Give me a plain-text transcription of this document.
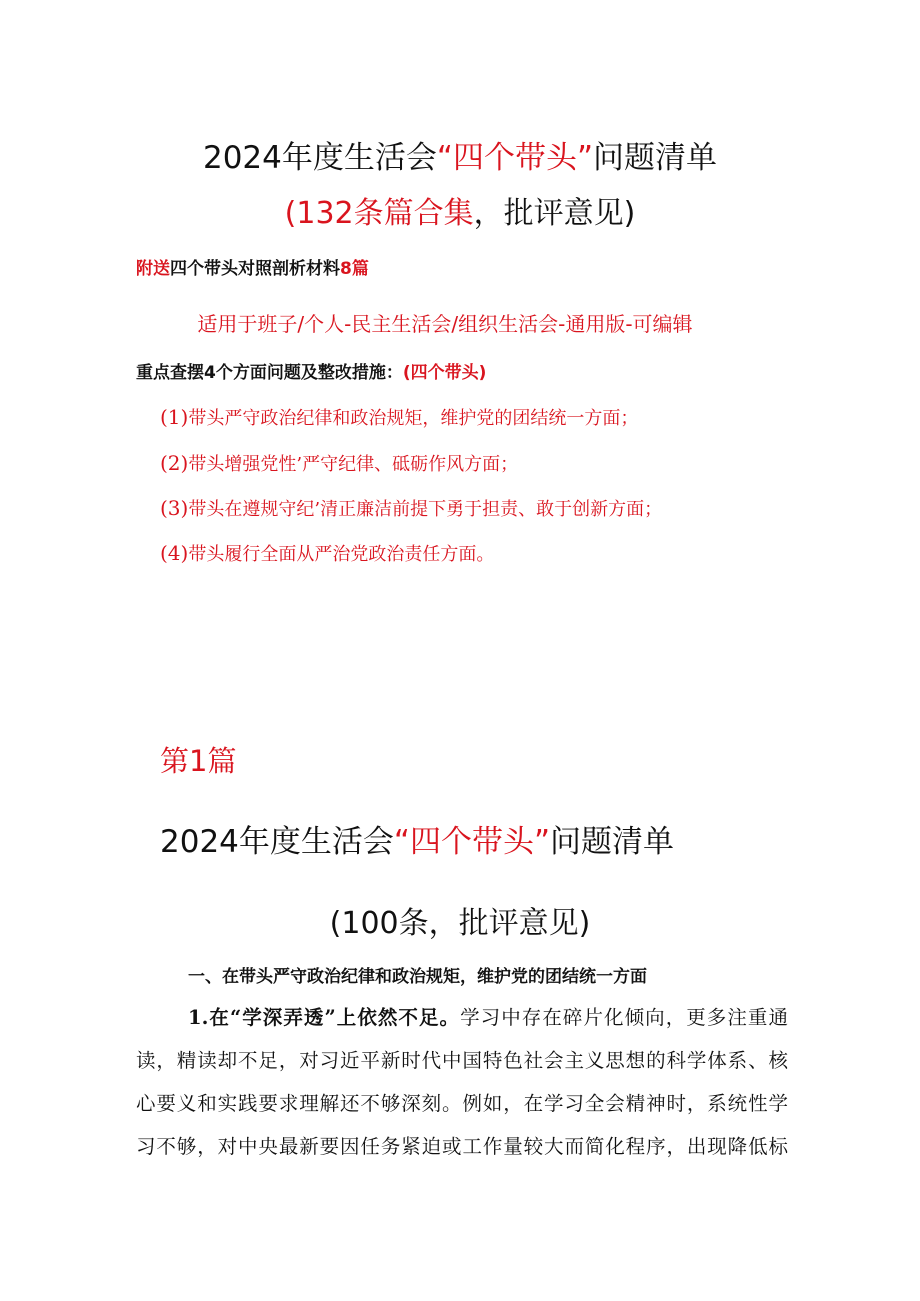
2024年度生活会“四个带头”问题清单
(132条篇合集，批评意见)
附送四个带头对照剖析材料8篇
适用于班子/个人-民主生活会/组织生活会-通用版-可编辑
重点查摆4个方面问题及整改措施：(四个带头)
(1)带头严守政治纪律和政治规矩，维护党的团结统一方面；
(2)带头增强党性’严守纪律、砥砺作风方面；
(3)带头在遵规守纪’清正廉洁前提下勇于担责、敢于创新方面；
(4)带头履行全面从严治党政治责任方面。
第1篇
2024年度生活会“四个带头”问题清单
(100条，批评意见)
一、在带头严守政治纪律和政治规矩，维护党的团结统一方面
1.在“学深弄透”上依然不足。学习中存在碎片化倾向，更多注重通
读，精读却不足，对习近平新时代中国特色社会主义思想的科学体系、核
心要义和实践要求理解还不够深刻。例如，在学习全会精神时，系统性学
习不够，对中央最新要因任务紧迫或工作量较大而简化程序，出现降低标
